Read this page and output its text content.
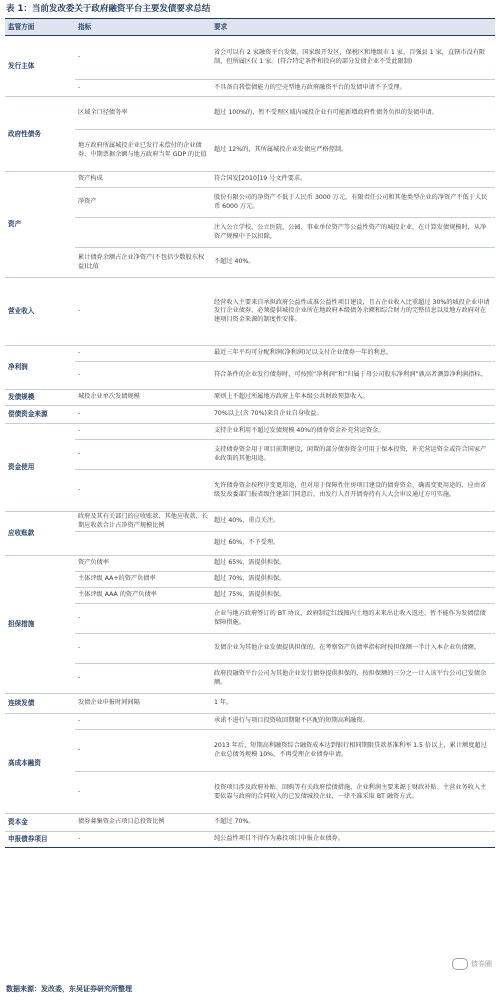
表 1：当前发改委关于政府融资平台主要发债要求总结
监管方面	指标	要求
发行主体	-	省会可以有 2 家融资平台发债，国家级开发区，保税区和地级市 1 家，百强县 1 家，直辖市没有限制，但所属区仅 1 家。(符合特定条件和投向的部分发债企业不受此限制)
	-	不具备自我偿债能力的空壳型地方政府融资平台的发债申请不予受理。
政府性债务	区域全口径债务率	超过 100%的，暂不受理区域内城投企业有可能新增政府性债务负担的发债申请。
	地方政府所属城投企业已发行未偿付的企业债券、中期票据余额与地方政府当年 GDP 的比值	超过 12%的，其所属城投企业发债应严格控制。
资产	资产构成	符合国发[2010]19 号文件要求。
	净资产	股份有限公司的净资产不低于人民币 3000 万元，有限责任公司和其他类型企业的净资产不低于人民币 6000 万元。
		注入公立学校、公立医院、公园、事业单位资产等公益性资产的城投企业，在计算发债规模时，从净资产规模中予以扣除。
	累计债券余额占企业净资产(不包括少数股东权益)比值	不超过 40%。
营业收入	-	经营收入主要来自承担政府公益性或准公益性项目建设，且占企业收入比重超过 30%的城投企业申请发行企业债券，必须提供城投企业所在地政府本级债务余额和综合财力的完整信息以及地方政府对在建项目资金来源的制度性安排。
净利润	-	最近三年平均可分配利润(净利润)足以支付企业债券一年的利息。
	-	符合条件的企业发行债券时，可按照“净利润”和“归属于母公司股东净利润”孰高者测算净利润指标。
发债规模	城投企业单次发债规模	原则上不超过所属地方政府上年本级公共财政预算收入。
偿债资金来源	-	70%以上(含 70%)来自企业自身收益。
资金使用	-	支持企业利用不超过发债规模 40%的债券资金补充营运资金。
	-	支持债券资金用于项目前期建设，闲置的部分债券资金可用于保本投资，补充营运资金或符合国家产业政策的其他用途。
	-	允许债券资金按程序变更用途，但对用于保障性住房项目建设的债券资金，确需变更用途的，应由省级发改委部门报省级住建部门同意后，由发行人召开债券持有人大会审议通过方可实施。
应收账款	政府及其有关部门的应收账款、其他应收款、长期应收款合计占净资产规模比例	超过 40%，重点关注。
		超过 60%，不予受理。
担保措施	资产负债率	超过 65%，需提供担保。
	主体评级 AA+的资产负债率	超过 70%，需提供担保。
	主体评级 AAA 的资产负债率	超过 75%，需提供担保。
	-	企业与地方政府签订的 BT 协议，政府制定红线图内土地的未来出让收入返还，暂不能作为发债偿债保障措施。
	-	发债企业为其他企业发债提供担保的，在考察资产负债率指标时按担保额一半计入本企业负债额。
	-	政府投融资平台公司为其他企业发行债券提供担保的，按担保额的三分之一计入该平台公司已发债余额。
连续发债	发债企业申报时间间隔	1 年。
高成本融资	-	承诺不进行与项目投资收回期限不匹配的短期高利融资。
	-	2013 年后，短期高利融资综合融资成本达到银行相同期限贷款基准利率 1.5 倍以上，累计额度超过企业总债务规模 10%，不再受理企业债券申请。
	-	投资项目涉及政府补贴、回购等有关政府偿债措施，企业利润主要来源于财政补贴、主营业务收入主要依靠与政府的合同收入的已发债城投企业，一律不准采取 BT 融资方式。
资本金	债券募集资金占项目总投资比例	不超过 70%。
申报债券项目	-	纯公益性项目不得作为募投项目申报企业债券。
债券圈
数据来源：发改委，东吴证券研究所整理
